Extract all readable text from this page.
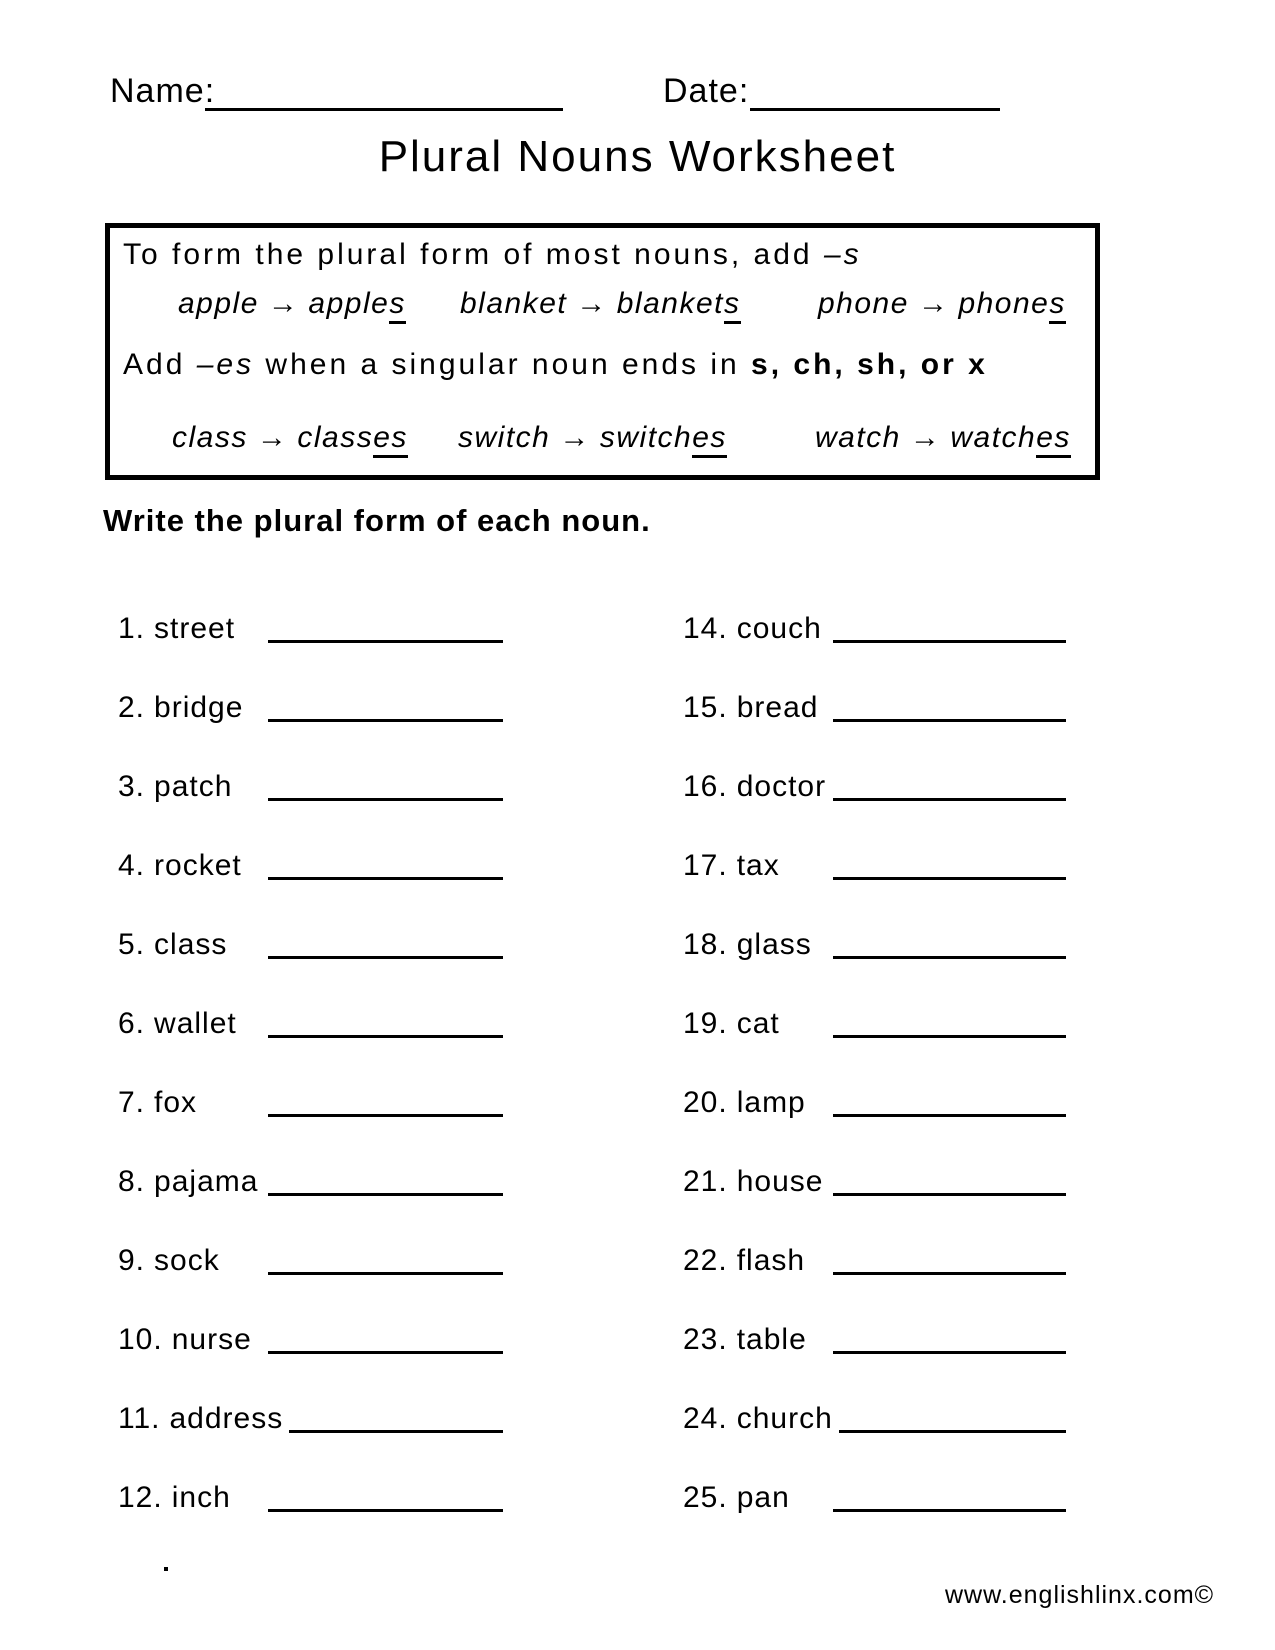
Name:	Date:
Plural Nouns Worksheet
To form the plural form of most nouns, add –s
apple → apples blanket → blankets	phone → phones
Add –es when a singular noun ends in s, ch, sh, or x
class → classes switch → switches	watch → watches
Write the plural form of each noun.
1. street
2. bridge
3. patch
4. rocket
5. class
6. wallet
7. fox
8. pajama
9. sock
10. nurse
11. address
12. inch
14. couch
15. bread
16. doctor
17. tax
18. glass
19. cat
20. lamp
21. house
22. flash
23. table
24. church
25. pan
www.englishlinx.com©
